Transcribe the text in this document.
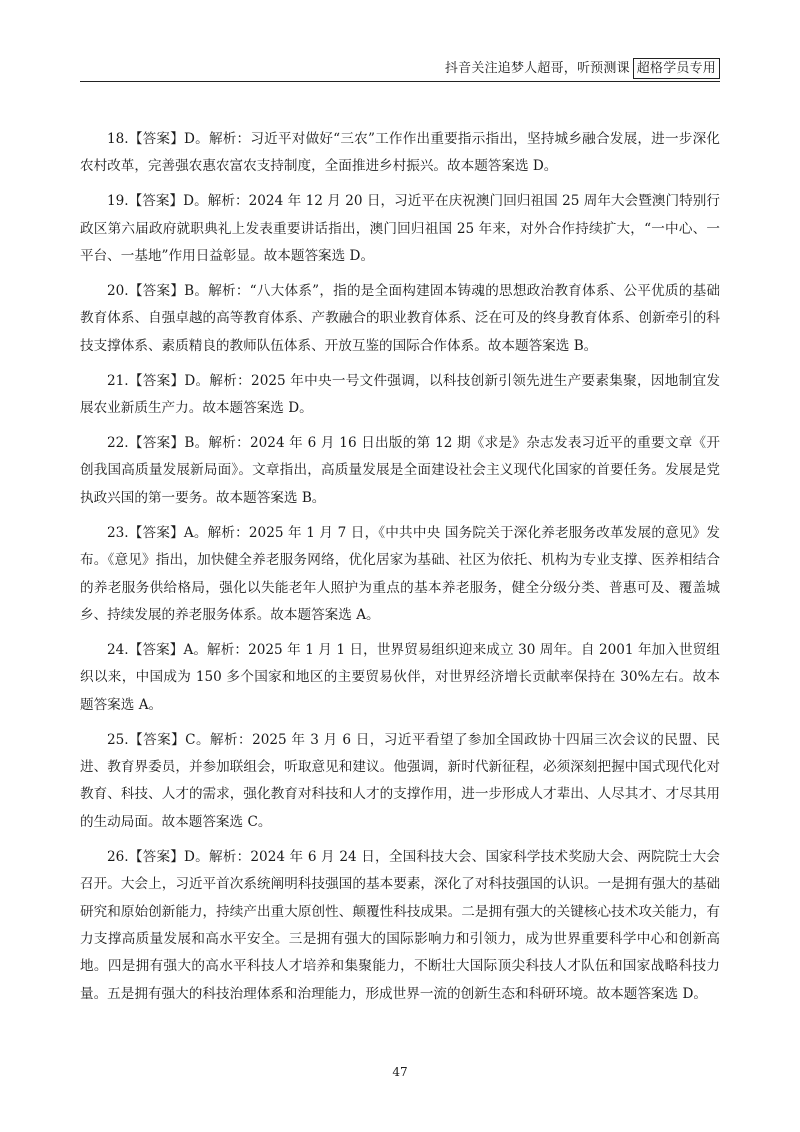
抖音关注追梦人超哥，听预测课 超格学员专用

18.【答案】D。解析：习近平对做好“三农”工作作出重要指示指出，坚持城乡融合发展，进一步深化农村改革，完善强农惠农富农支持制度，全面推进乡村振兴。故本题答案选 D。

19.【答案】D。解析：2024 年 12 月 20 日，习近平在庆祝澳门回归祖国 25 周年大会暨澳门特别行政区第六届政府就职典礼上发表重要讲话指出，澳门回归祖国 25 年来，对外合作持续扩大，“一中心、一平台、一基地”作用日益彰显。故本题答案选 D。

20.【答案】B。解析：“八大体系”，指的是全面构建固本铸魂的思想政治教育体系、公平优质的基础教育体系、自强卓越的高等教育体系、产教融合的职业教育体系、泛在可及的终身教育体系、创新牵引的科技支撑体系、素质精良的教师队伍体系、开放互鉴的国际合作体系。故本题答案选 B。

21.【答案】D。解析：2025 年中央一号文件强调，以科技创新引领先进生产要素集聚，因地制宜发展农业新质生产力。故本题答案选 D。

22.【答案】B。解析：2024 年 6 月 16 日出版的第 12 期《求是》杂志发表习近平的重要文章《开创我国高质量发展新局面》。文章指出，高质量发展是全面建设社会主义现代化国家的首要任务。发展是党执政兴国的第一要务。故本题答案选 B。

23.【答案】A。解析：2025 年 1 月 7 日，《中共中央 国务院关于深化养老服务改革发展的意见》发布。《意见》指出，加快健全养老服务网络，优化居家为基础、社区为依托、机构为专业支撑、医养相结合的养老服务供给格局，强化以失能老年人照护为重点的基本养老服务，健全分级分类、普惠可及、覆盖城乡、持续发展的养老服务体系。故本题答案选 A。

24.【答案】A。解析：2025 年 1 月 1 日，世界贸易组织迎来成立 30 周年。自 2001 年加入世贸组织以来，中国成为 150 多个国家和地区的主要贸易伙伴，对世界经济增长贡献率保持在 30%左右。故本题答案选 A。

25.【答案】C。解析：2025 年 3 月 6 日，习近平看望了参加全国政协十四届三次会议的民盟、民进、教育界委员，并参加联组会，听取意见和建议。他强调，新时代新征程，必须深刻把握中国式现代化对教育、科技、人才的需求，强化教育对科技和人才的支撑作用，进一步形成人才辈出、人尽其才、才尽其用的生动局面。故本题答案选 C。

26.【答案】D。解析：2024 年 6 月 24 日，全国科技大会、国家科学技术奖励大会、两院院士大会召开。大会上，习近平首次系统阐明科技强国的基本要素，深化了对科技强国的认识。一是拥有强大的基础研究和原始创新能力，持续产出重大原创性、颠覆性科技成果。二是拥有强大的关键核心技术攻关能力，有力支撑高质量发展和高水平安全。三是拥有强大的国际影响力和引领力，成为世界重要科学中心和创新高地。四是拥有强大的高水平科技人才培养和集聚能力，不断壮大国际顶尖科技人才队伍和国家战略科技力量。五是拥有强大的科技治理体系和治理能力，形成世界一流的创新生态和科研环境。故本题答案选 D。

47
